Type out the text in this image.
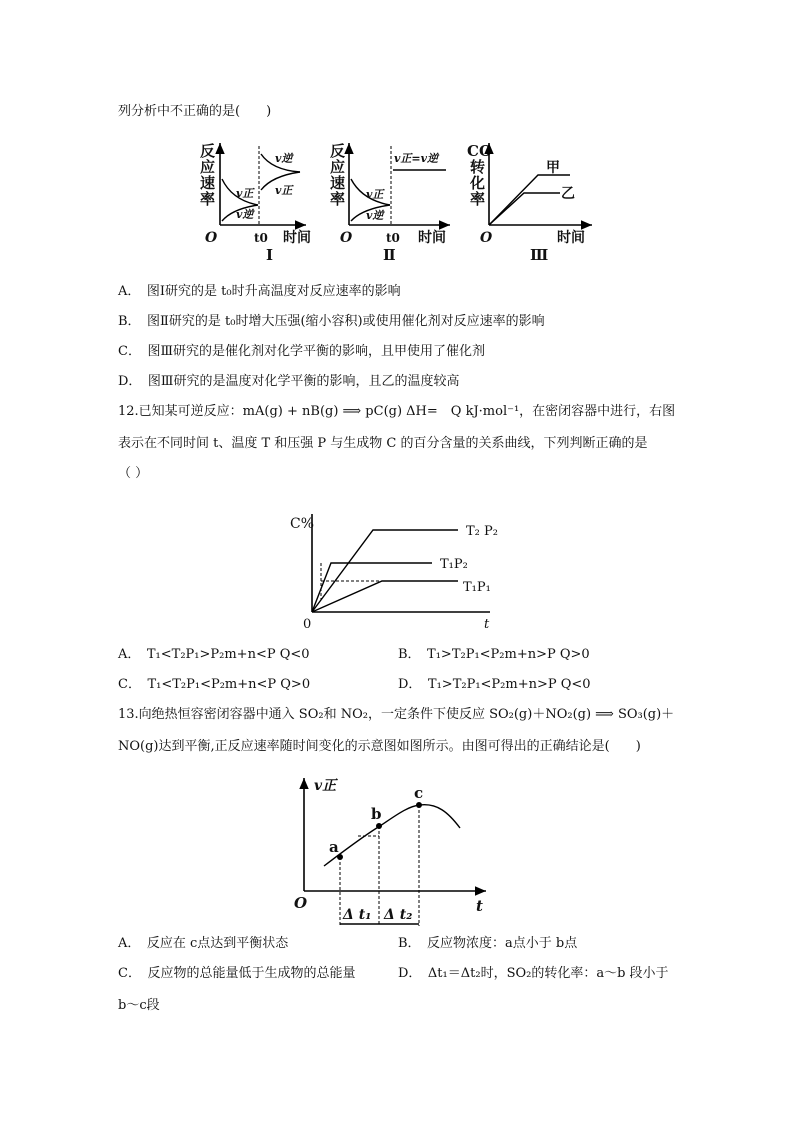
列分析中不正确的是(　　)
反
应
速
率 v正
v逆
v逆
v正
O	t0 时间
Ⅰ
反
应
速
率
v正=v逆
v正
v逆
O	t0 时间
Ⅱ
CO
转
化
率
甲
乙
O	时间
Ⅲ
C%
0	t
T₂ P₂
T₁P₂
T₁P₁
v正
O	t
a
b
c
Δ t₁ Δ t₂
A．　图Ⅰ研究的是 t₀时升高温度对反应速率的影响
B．　图Ⅱ研究的是 t₀时增大压强(缩小容积)或使用催化剂对反应速率的影响
C．　图Ⅲ研究的是催化剂对化学平衡的影响，且甲使用了催化剂
D．　图Ⅲ研究的是温度对化学平衡的影响，且乙的温度较高
12.已知某可逆反应：mA(g) + nB(g) ⟹ pC(g) ΔH=　Q kJ·mol⁻¹，在密闭容器中进行，右图
表示在不同时间 t、温度 T 和压强 P 与生成物 C 的百分含量的关系曲线，下列判断正确的是
（ ）
A．　T₁<T₂P₁>P₂m+n<P Q<0	B．　T₁>T₂P₁<P₂m+n>P Q>0
C．　T₁<T₂P₁<P₂m+n<P Q>0	D．　T₁>T₂P₁<P₂m+n>P Q<0
13.向绝热恒容密闭容器中通入 SO₂和 NO₂，一定条件下使反应 SO₂(g)＋NO₂(g) ⟹ SO₃(g)＋
NO(g)达到平衡,正反应速率随时间变化的示意图如图所示。由图可得出的正确结论是(　　)
A．　反应在 c点达到平衡状态	B．　反应物浓度：a点小于 b点
C．　反应物的总能量低于生成物的总能量	D．　Δt₁＝Δt₂时，SO₂的转化率：a～b 段小于
b～c段
